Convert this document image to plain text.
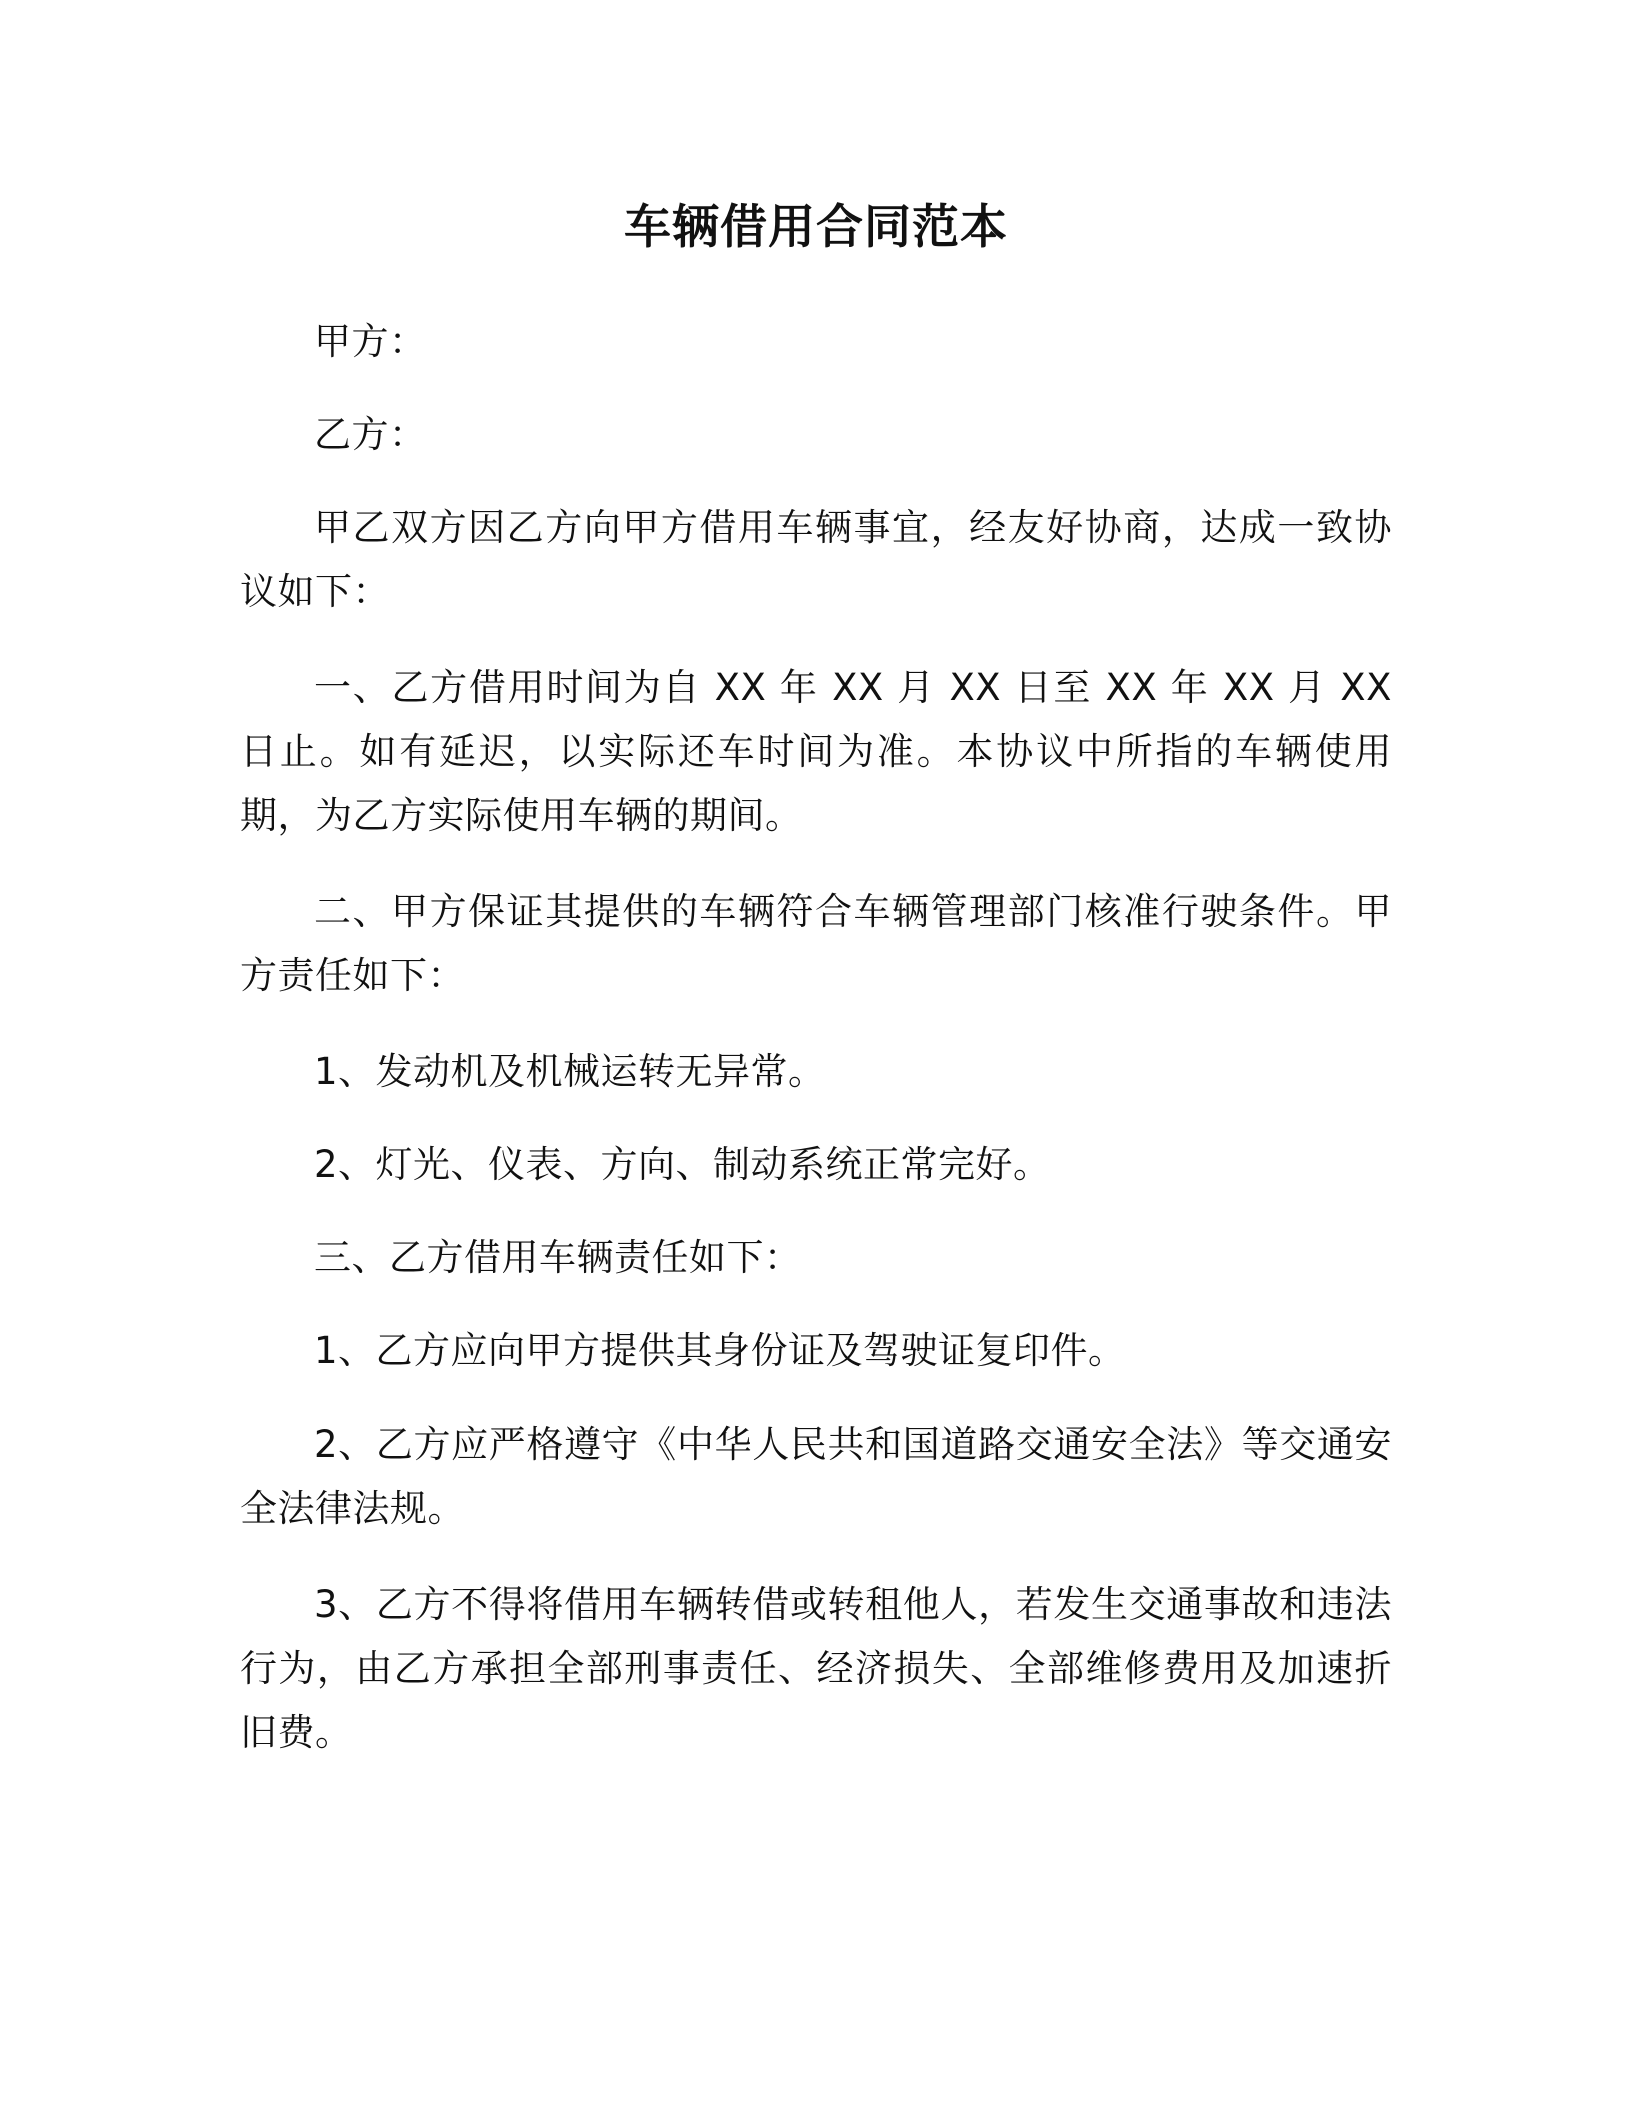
车辆借用合同范本

甲方：

乙方：

甲乙双方因乙方向甲方借用车辆事宜，经友好协商，达成一致协议如下：

一、乙方借用时间为自 XX 年 XX 月 XX 日至 XX 年 XX 月 XX 日止。如有延迟，以实际还车时间为准。本协议中所指的车辆使用期，为乙方实际使用车辆的期间。

二、甲方保证其提供的车辆符合车辆管理部门核准行驶条件。甲方责任如下：

1、发动机及机械运转无异常。

2、灯光、仪表、方向、制动系统正常完好。

三、乙方借用车辆责任如下：

1、乙方应向甲方提供其身份证及驾驶证复印件。

2、乙方应严格遵守《中华人民共和国道路交通安全法》等交通安全法律法规。

3、乙方不得将借用车辆转借或转租他人，若发生交通事故和违法行为，由乙方承担全部刑事责任、经济损失、全部维修费用及加速折旧费。
